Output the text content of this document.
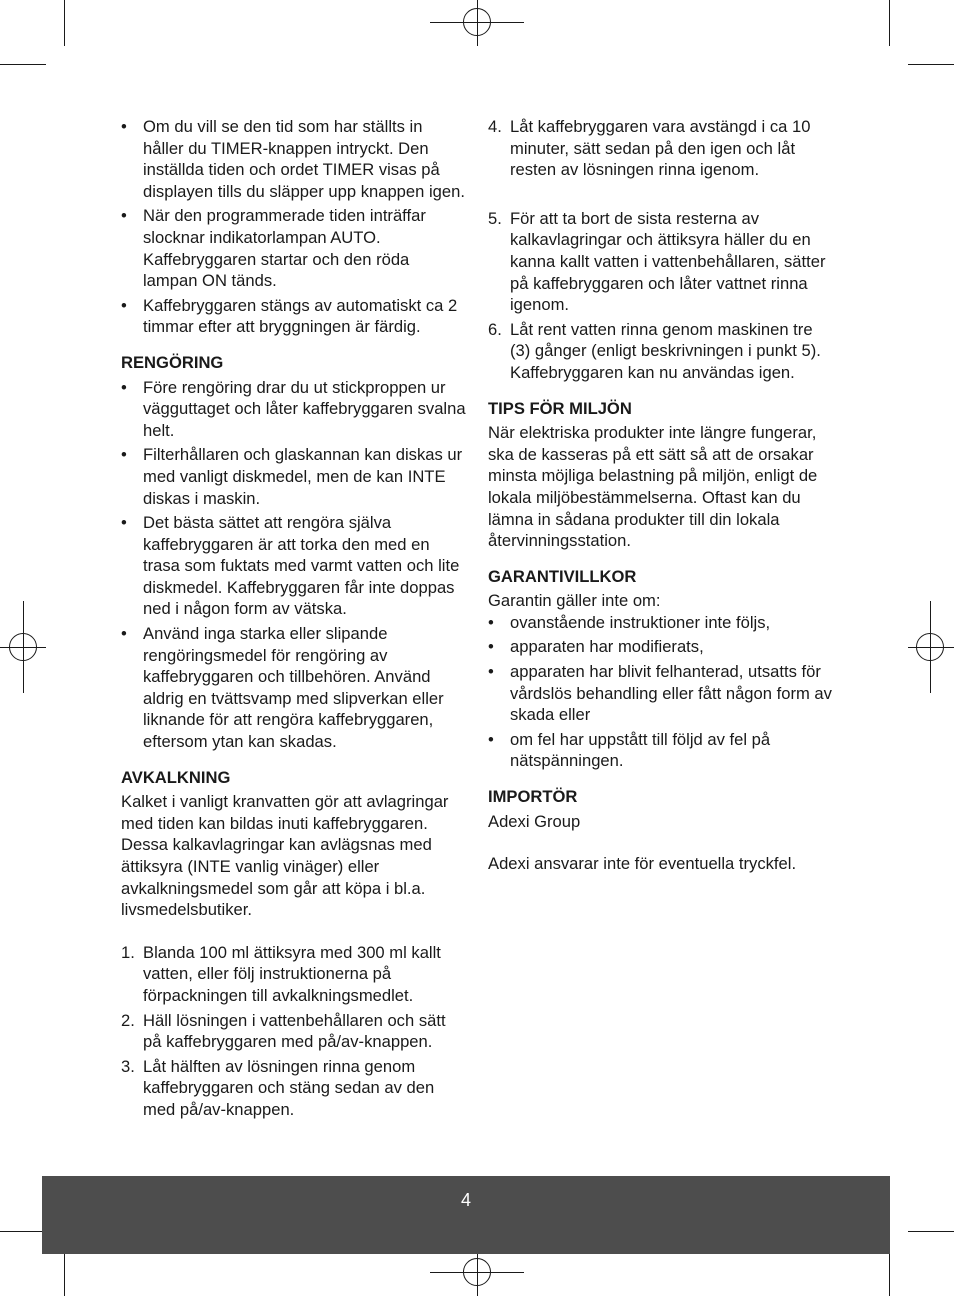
• Om du vill se den tid som har ställts in håller du TIMER-knappen intryckt. Den inställda tiden och ordet TIMER visas på displayen tills du släpper upp knappen igen.
• När den programmerade tiden inträffar slocknar indikatorlampan AUTO. Kaffebryggaren startar och den röda lampan ON tänds.
• Kaffebryggaren stängs av automatiskt ca 2 timmar efter att bryggningen är färdig.
RENGÖRING
• Före rengöring drar du ut stickproppen ur vägguttaget och låter kaffebryggaren svalna helt.
• Filterhållaren och glaskannan kan diskas ur med vanligt diskmedel, men de kan INTE diskas i maskin.
• Det bästa sättet att rengöra själva kaffebryggaren är att torka den med en trasa som fuktats med varmt vatten och lite diskmedel. Kaffebryggaren får inte doppas ned i någon form av vätska.
• Använd inga starka eller slipande rengöringsmedel för rengöring av kaffebryggaren och tillbehören. Använd aldrig en tvättsvamp med slipverkan eller liknande för att rengöra kaffebryggaren, eftersom ytan kan skadas.
AVKALKNING

Kalket i vanligt kranvatten gör att avlagringar med tiden kan bildas inuti kaffebryggaren. Dessa kalkavlagringar kan avlägsnas med ättiksyra (INTE vanlig vinäger) eller avkalkningsmedel som går att köpa i bl.a. livsmedelsbutiker.

1. Blanda 100 ml ättiksyra med 300 ml kallt vatten, eller följ instruktionerna på förpackningen till avkalkningsmedlet.
2. Häll lösningen i vattenbehållaren och sätt på kaffebryggaren med på/av-knappen.
3. Låt hälften av lösningen rinna genom kaffebryggaren och stäng sedan av den med på/av-knappen.
4. Låt kaffebryggaren vara avstängd i ca 10 minuter, sätt sedan på den igen och låt resten av lösningen rinna igenom.
5. För att ta bort de sista resterna av kalkavlagringar och ättiksyra häller du en kanna kallt vatten i vattenbehållaren, sätter på kaffebryggaren och låter vattnet rinna igenom.
6. Låt rent vatten rinna genom maskinen tre (3) gånger (enligt beskrivningen i punkt 5). Kaffebryggaren kan nu användas igen.
TIPS FÖR MILJÖN

När elektriska produkter inte längre fungerar, ska de kasseras på ett sätt så att de orsakar minsta möjliga belastning på miljön, enligt de lokala miljöbestämmelserna. Oftast kan du lämna in sådana produkter till din lokala återvinningsstation.

GARANTIVILLKOR

Garantin gäller inte om:

• ovanstående instruktioner inte följs,
• apparaten har modifierats,
• apparaten har blivit felhanterad, utsatts för vårdslös behandling eller fått någon form av skada eller
• om fel har uppstått till följd av fel på nätspänningen.
IMPORTÖR

Adexi Group

Adexi ansvarar inte för eventuella tryckfel.

4
